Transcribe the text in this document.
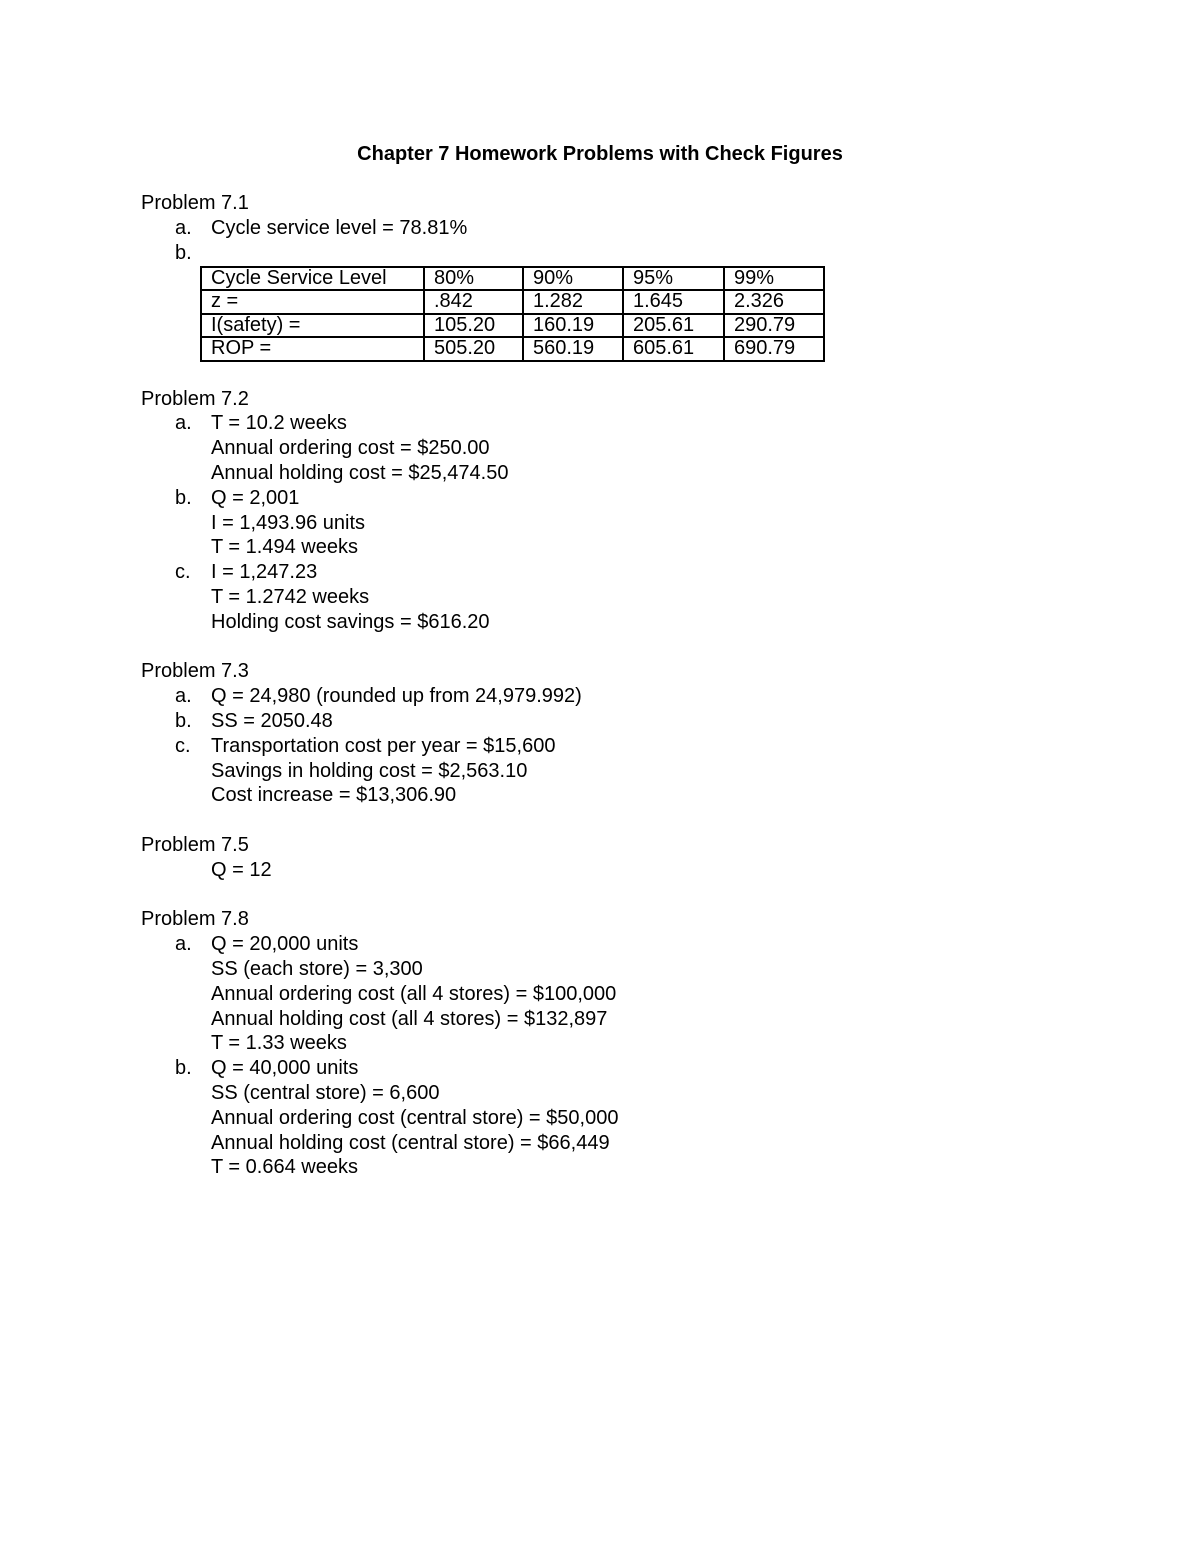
Chapter 7 Homework Problems with Check Figures
Problem 7.1
a. Cycle service level = 78.81%
b.
Cycle Service Level	80%	90%	95%	99%
z =	.842	1.282	1.645	2.326
I(safety) =	105.20	160.19	205.61	290.79
ROP =	505.20	560.19	605.61	690.79
Problem 7.2
a. T = 10.2 weeks
Annual ordering cost = $250.00
Annual holding cost = $25,474.50
b. Q = 2,001
I = 1,493.96 units
T = 1.494 weeks
c. I = 1,247.23
T = 1.2742 weeks
Holding cost savings = $616.20
Problem 7.3
a. Q = 24,980 (rounded up from 24,979.992)
b. SS = 2050.48
c. Transportation cost per year = $15,600
Savings in holding cost = $2,563.10
Cost increase = $13,306.90
Problem 7.5
Q = 12
Problem 7.8
a. Q = 20,000 units
SS (each store) = 3,300
Annual ordering cost (all 4 stores) = $100,000
Annual holding cost (all 4 stores) = $132,897
T = 1.33 weeks
b. Q = 40,000 units
SS (central store) = 6,600
Annual ordering cost (central store) = $50,000
Annual holding cost (central store) = $66,449
T = 0.664 weeks
